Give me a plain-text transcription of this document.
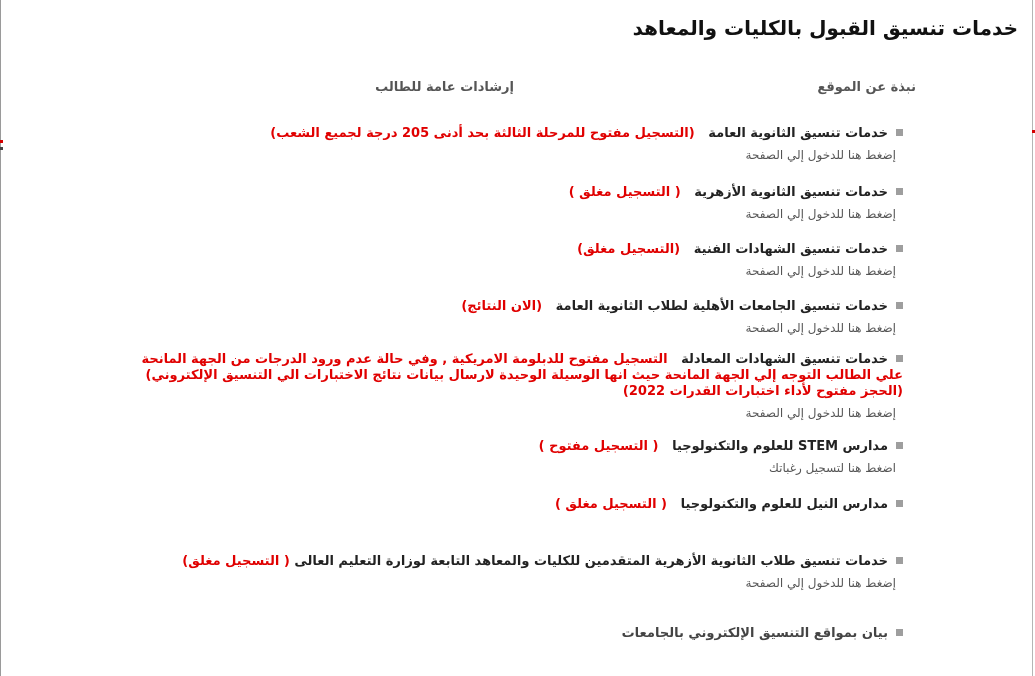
خدمات تنسيق القبول بالكليات والمعاهد
نبذة عن الموقع
إرشادات عامة للطالب
خدمات تنسيق الثانوية العامة   (التسجيل مفتوح للمرحلة الثالثة بحد أدنى 205 درجة لجميع الشعب)
إضغط هنا للدخول إلي الصفحة
خدمات تنسيق الثانوية الأزهرية   ( التسجيل مغلق )
إضغط هنا للدخول إلي الصفحة
خدمات تنسيق الشهادات الفنية   (التسجيل مغلق)
إضغط هنا للدخول إلي الصفحة
خدمات تنسيق الجامعات الأهلية لطلاب الثانوية العامة   (الان النتائج)
إضغط هنا للدخول إلي الصفحة
خدمات تنسيق الشهادات المعادلة   التسجيل مفتوح للدبلومة الامريكية , وفي حالة عدم ورود الدرجات من الجهة المانحة علي الطالب التوجه إلي الجهة المانحة حيث انها الوسيلة الوحيدة لارسال بيانات نتائج الاختبارات الي التنسيق الإلكتروني) (الحجز مفتوح لأداء اختبارات القدرات 2022)
إضغط هنا للدخول إلي الصفحة
مدارس STEM للعلوم والتكنولوجيا   ( التسجيل مفتوح )
اضغط هنا لتسجيل رغباتك
مدارس النيل للعلوم والتكنولوجيا   ( التسجيل مغلق )
خدمات تنسيق طلاب الثانوية الأزهرية المتقدمين للكليات والمعاهد التابعة لوزارة التعليم العالى ( التسجيل مغلق)
إضغط هنا للدخول إلي الصفحة
بيان بمواقع التنسيق الإلكتروني بالجامعات
